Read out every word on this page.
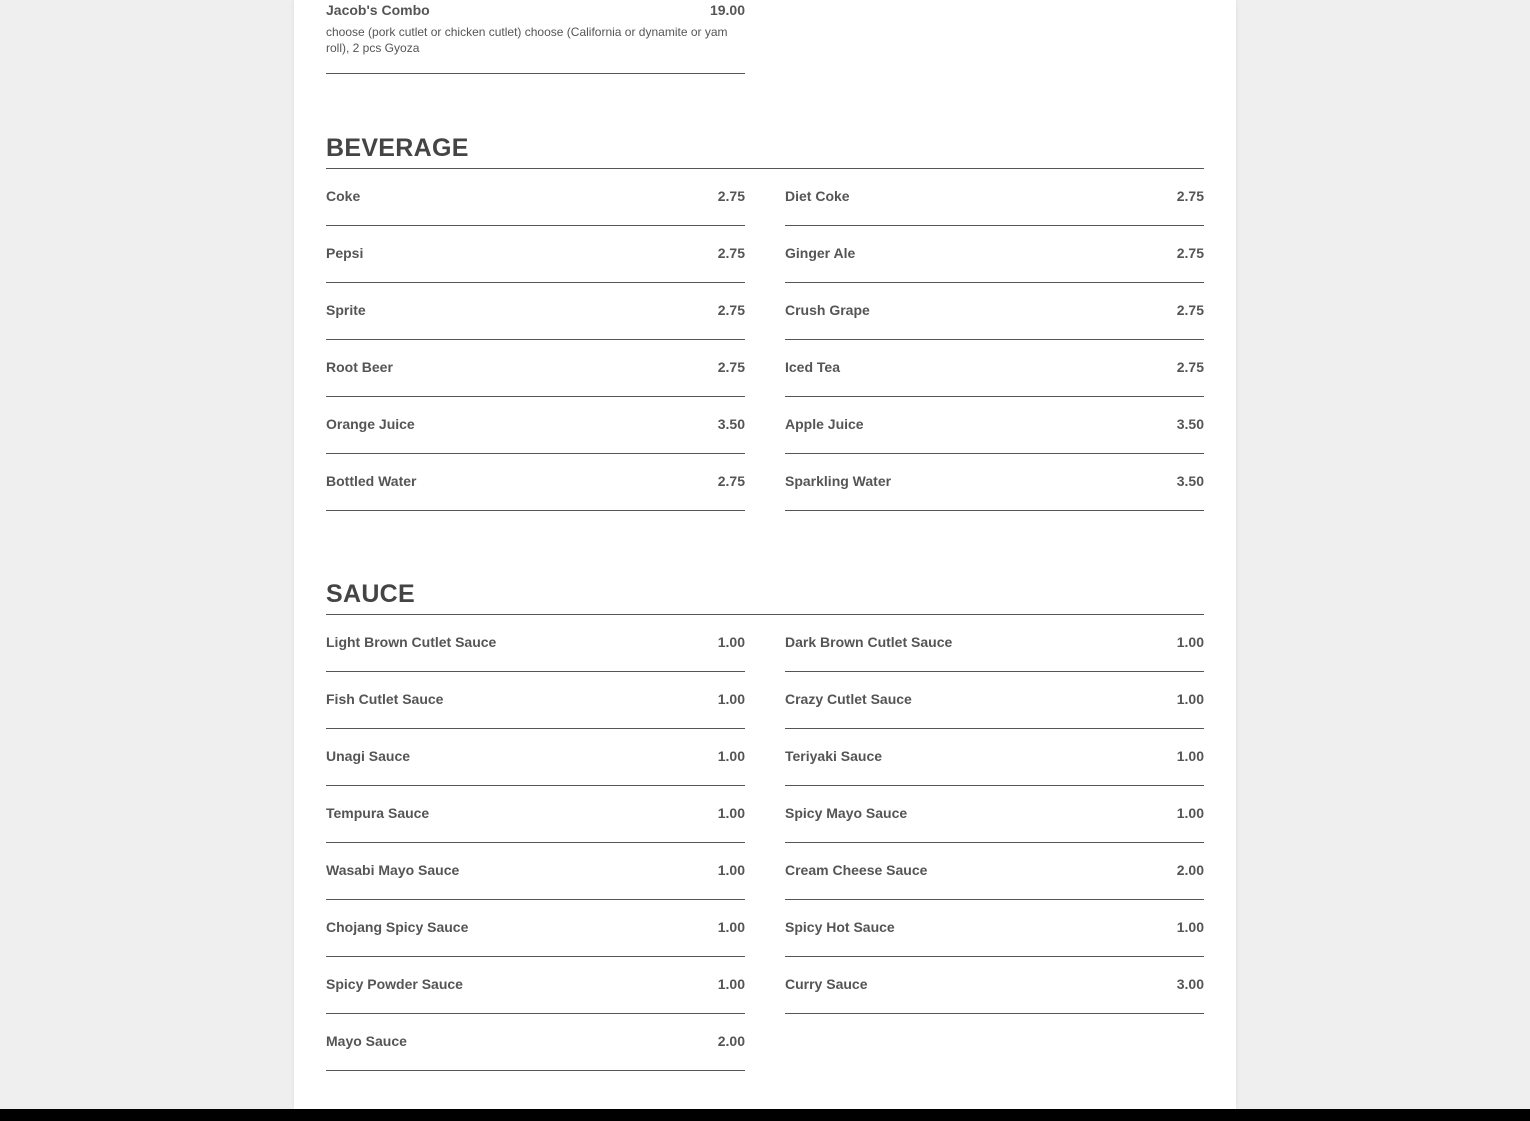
Jacob's Combo	19.00
choose (pork cutlet or chicken cutlet) choose (California or dynamite or yam roll), 2 pcs Gyoza
BEVERAGE
Coke	2.75
Pepsi	2.75
Sprite	2.75
Root Beer	2.75
Orange Juice	3.50
Bottled Water	2.75
Diet Coke	2.75
Ginger Ale	2.75
Crush Grape	2.75
Iced Tea	2.75
Apple Juice	3.50
Sparkling Water	3.50
SAUCE
Light Brown Cutlet Sauce	1.00
Fish Cutlet Sauce	1.00
Unagi Sauce	1.00
Tempura Sauce	1.00
Wasabi Mayo Sauce	1.00
Chojang Spicy Sauce	1.00
Spicy Powder Sauce	1.00
Mayo Sauce	2.00
Dark Brown Cutlet Sauce	1.00
Crazy Cutlet Sauce	1.00
Teriyaki Sauce	1.00
Spicy Mayo Sauce	1.00
Cream Cheese Sauce	2.00
Spicy Hot Sauce	1.00
Curry Sauce	3.00
